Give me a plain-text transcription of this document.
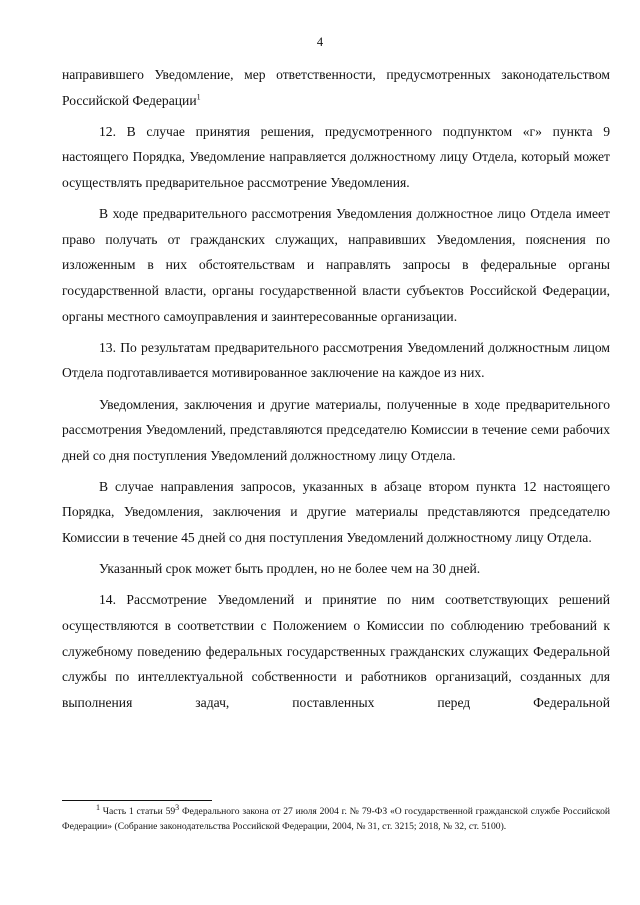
4

направившего Уведомление, мер ответственности, предусмотренных законодательством Российской Федерации$^1$

12. В случае принятия решения, предусмотренного подпунктом «г» пункта 9 настоящего Порядка, Уведомление направляется должностному лицу Отдела, который может осуществлять предварительное рассмотрение Уведомления.

В ходе предварительного рассмотрения Уведомления должностное лицо Отдела имеет право получать от гражданских служащих, направивших Уведомления, пояснения по изложенным в них обстоятельствам и направлять запросы в федеральные органы государственной власти, органы государственной власти субъектов Российской Федерации, органы местного самоуправления и заинтересованные организации.

13. По результатам предварительного рассмотрения Уведомлений должностным лицом Отдела подготавливается мотивированное заключение на каждое из них.

Уведомления, заключения и другие материалы, полученные в ходе предварительного рассмотрения Уведомлений, представляются председателю Комиссии в течение семи рабочих дней со дня поступления Уведомлений должностному лицу Отдела.

В случае направления запросов, указанных в абзаце втором пункта 12 настоящего Порядка, Уведомления, заключения и другие материалы представляются председателю Комиссии в течение 45 дней со дня поступления Уведомлений должностному лицу Отдела.

Указанный срок может быть продлен, но не более чем на 30 дней.

14. Рассмотрение Уведомлений и принятие по ним соответствующих решений осуществляются в соответствии с Положением о Комиссии по соблюдению требований к служебному поведению федеральных государственных гражданских служащих Федеральной службы по интеллектуальной собственности и работников организаций, созданных для выполнения задач, поставленных перед Федеральной

$^1$ Часть 1 статьи $59^3$ Федерального закона от 27 июля 2004 г. № 79-ФЗ «О государственной гражданской службе Российской Федерации» (Собрание законодательства Российской Федерации, 2004, № 31, ст. 3215; 2018, № 32, ст. 5100).
